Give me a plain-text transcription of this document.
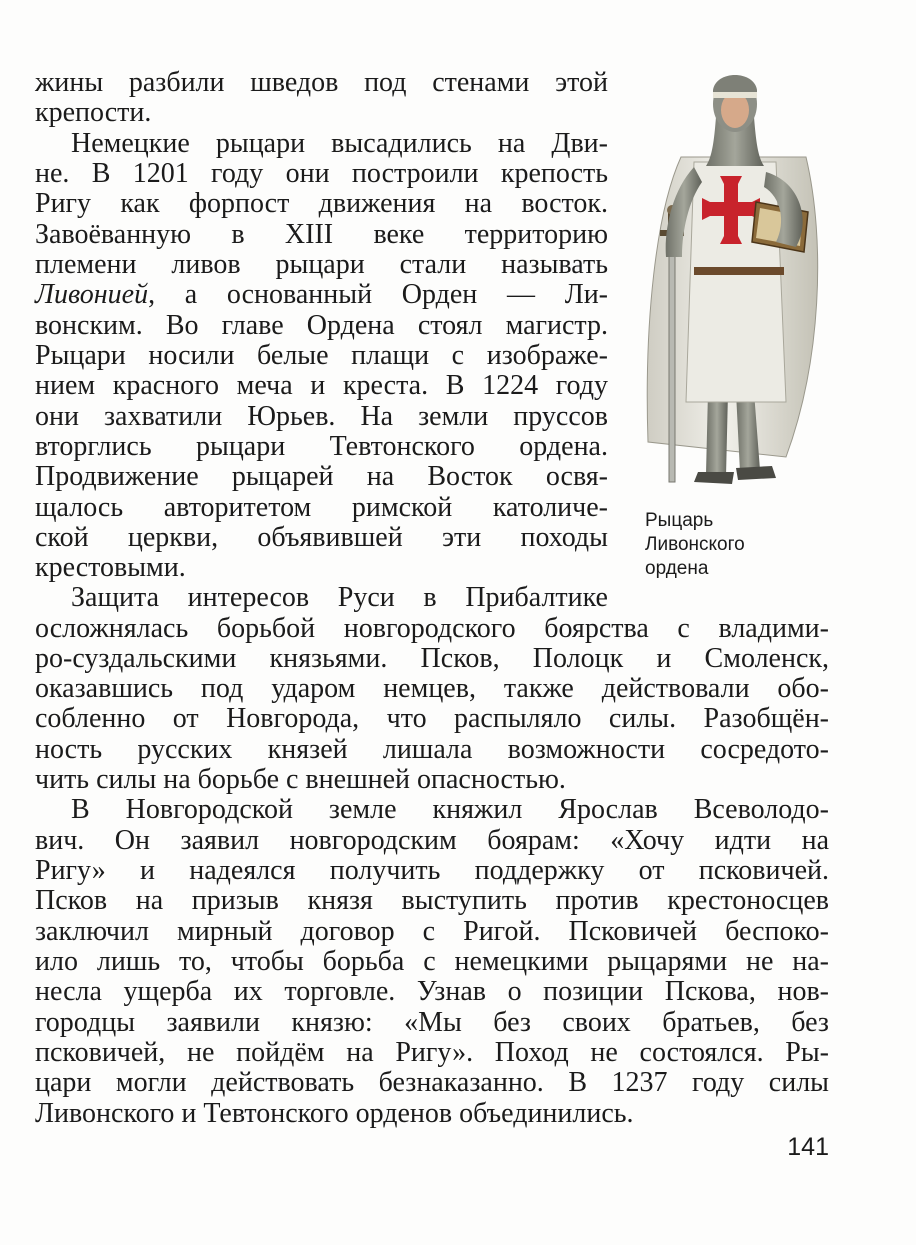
жины разбили шведов под стенами этой
крепости.
Немецкие рыцари высадились на Дви-
не. В 1201 году они построили крепость
Ригу как форпост движения на восток.
Завоёванную в XIII веке территорию
племени ливов рыцари стали называть
Ливонией, а основанный Орден — Ли-
вонским. Во главе Ордена стоял магистр.
Рыцари носили белые плащи с изображе-
нием красного меча и креста. В 1224 году
они захватили Юрьев. На земли пруссов
вторглись рыцари Тевтонского ордена.
Продвижение рыцарей на Восток освя-
щалось авторитетом римской католиче-
ской церкви, объявившей эти походы
крестовыми.
Защита интересов Руси в Прибалтике
осложнялась борьбой новгородского боярства с владими-
ро-суздальскими князьями. Псков, Полоцк и Смоленск,
оказавшись под ударом немцев, также действовали обо-
собленно от Новгорода, что распыляло силы. Разобщён-
ность русских князей лишала возможности сосредото-
чить силы на борьбе с внешней опасностью.
В Новгородской земле княжил Ярослав Всеволодо-
вич. Он заявил новгородским боярам: «Хочу идти на
Ригу» и надеялся получить поддержку от псковичей.
Псков на призыв князя выступить против крестоносцев
заключил мирный договор с Ригой. Псковичей беспоко-
ило лишь то, чтобы борьба с немецкими рыцарями не на-
несла ущерба их торговле. Узнав о позиции Пскова, нов-
городцы заявили князю: «Мы без своих братьев, без
псковичей, не пойдём на Ригу». Поход не состоялся. Ры-
цари могли действовать безнаказанно. В 1237 году силы
Ливонского и Тевтонского орденов объединились.
Рыцарь
Ливонского
ордена
141
